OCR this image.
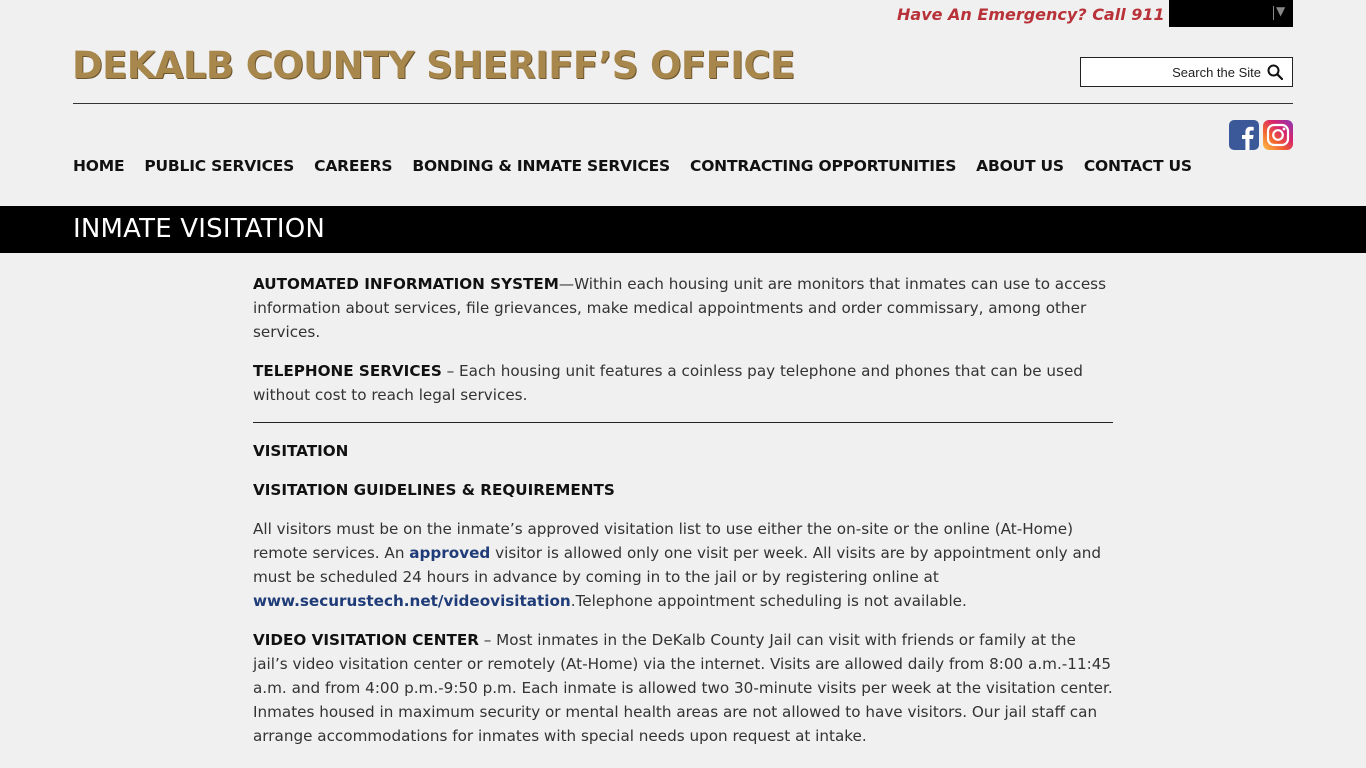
Have An Emergency? Call 911	▼
DEKALB COUNTY SHERIFF’S OFFICE
Search the Site
HOME PUBLIC SERVICES CAREERS BONDING & INMATE SERVICES CONTRACTING OPPORTUNITIES ABOUT US CONTACT US
INMATE VISITATION

AUTOMATED INFORMATION SYSTEM—Within each housing unit are monitors that inmates can use to access information about services, file grievances, make medical appointments and order commissary, among other services.

TELEPHONE SERVICES – Each housing unit features a coinless pay telephone and phones that can be used without cost to reach legal services.

VISITATION

VISITATION GUIDELINES & REQUIREMENTS

All visitors must be on the inmate’s approved visitation list to use either the on-site or the online (At-Home) remote services. An approved visitor is allowed only one visit per week. All visits are by appointment only and must be scheduled 24 hours in advance by coming in to the jail or by registering online at www.securustech.net/videovisitation.Telephone appointment scheduling is not available.

VIDEO VISITATION CENTER – Most inmates in the DeKalb County Jail can visit with friends or family at the jail’s video visitation center or remotely (At-Home) via the internet. Visits are allowed daily from 8:00 a.m.-11:45 a.m. and from 4:00 p.m.-9:50 p.m. Each inmate is allowed two 30-minute visits per week at the visitation center. Inmates housed in maximum security or mental health areas are not allowed to have visitors. Our jail staff can arrange accommodations for inmates with special needs upon request at intake.
